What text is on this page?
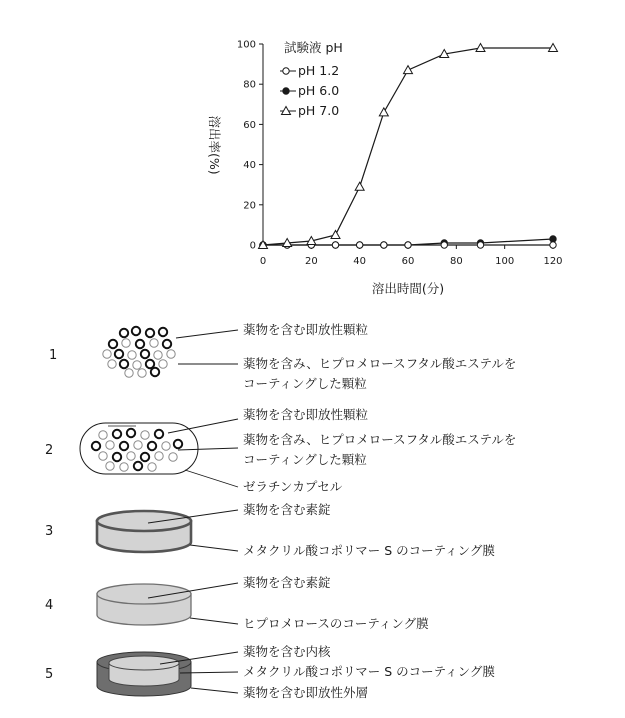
0
20
40
60
80
100
0	20	40	60	80	100	120
溶出率(%)
溶出時間(分)
試験液 pH
pH 1.2
pH 6.0
pH 7.0
1
薬物を含む即放性顆粒
薬物を含み、ヒプロメロースフタル酸エステルを
コーティングした顆粒
2
薬物を含む即放性顆粒
薬物を含み、ヒプロメロースフタル酸エステルを
コーティングした顆粒
ゼラチンカプセル
3
薬物を含む素錠
メタクリル酸コポリマー S のコーティング膜
4
薬物を含む素錠
ヒプロメロースのコーティング膜
5
薬物を含む内核
メタクリル酸コポリマー S のコーティング膜
薬物を含む即放性外層
